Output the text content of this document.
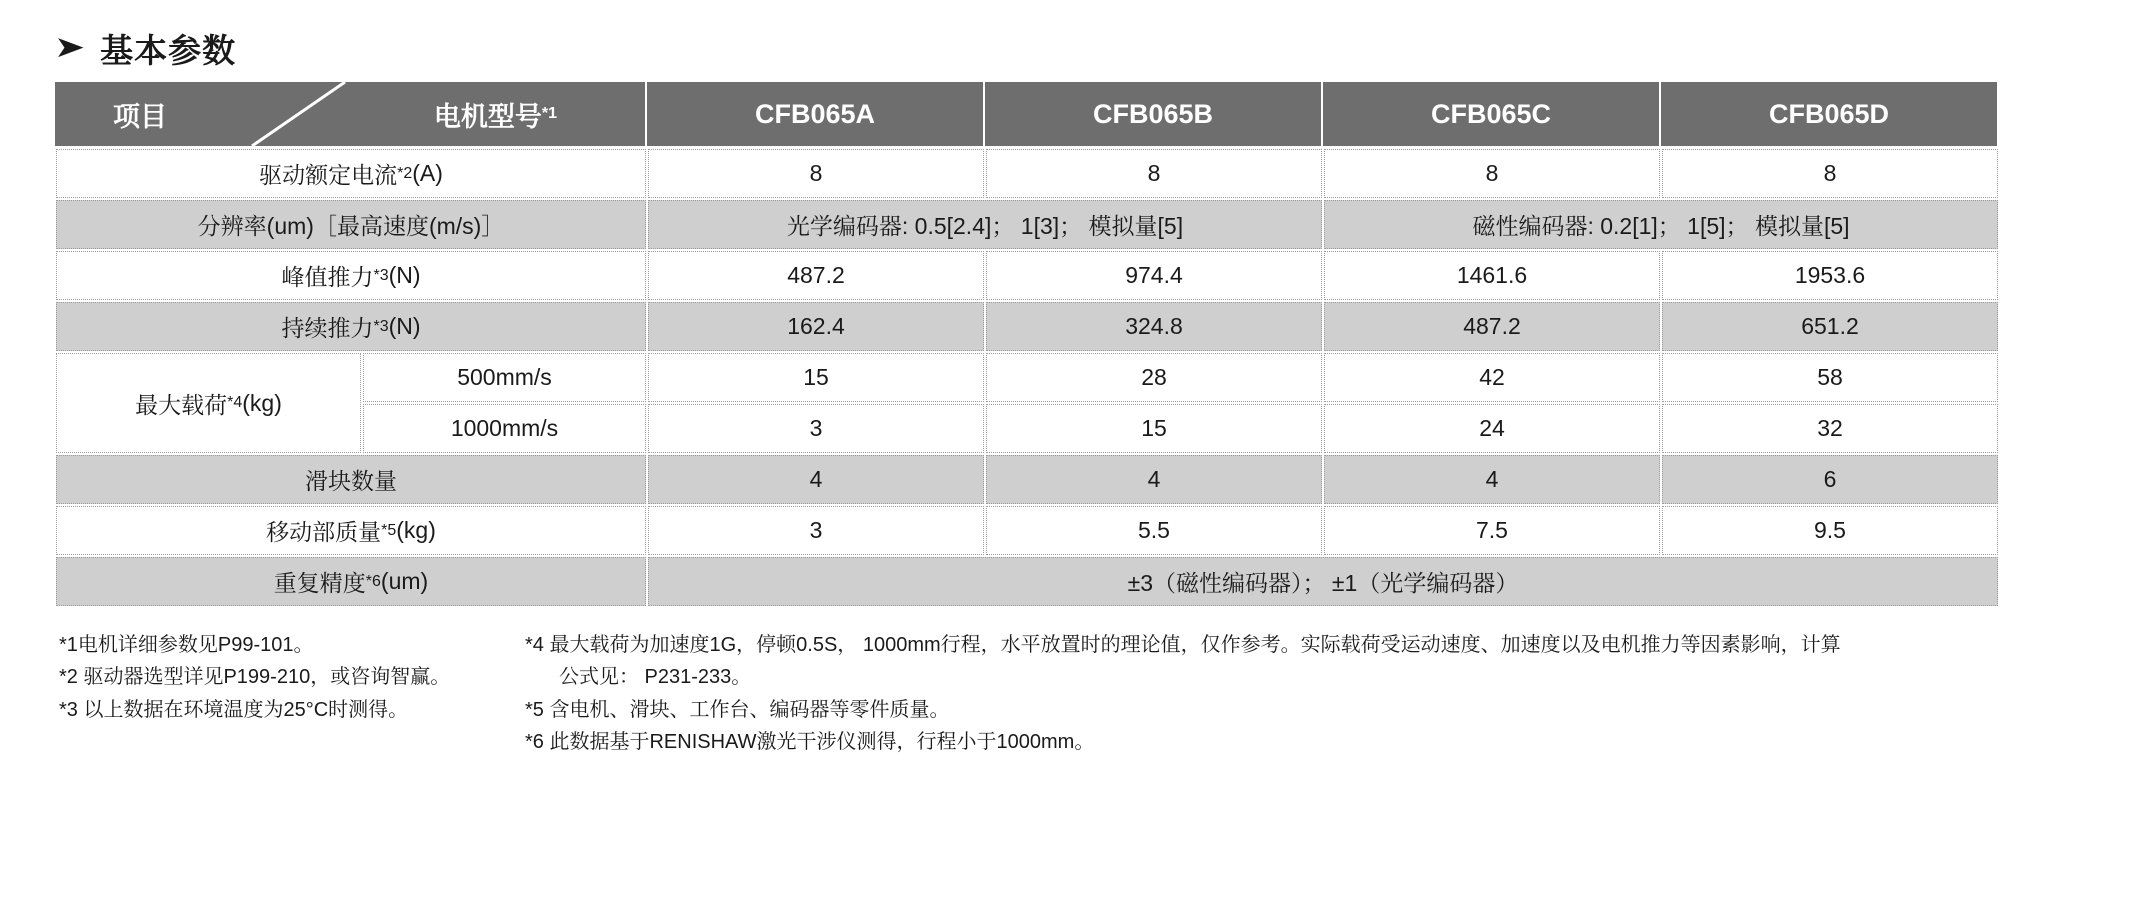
➤ 基本参数
项目	电机型号 *1	CFB065A	CFB065B	CFB065C	CFB065D
驱动额定电流 *2 (A)	8	8	8	8
分辨率(um)［最高速度(m/s)］	光学编码器: 0.5[2.4]； 1[3]； 模拟量[5]	磁性编码器: 0.2[1]； 1[5]； 模拟量[5]
峰值推力 *3 (N)	487.2	974.4	1461.6	1953.6
持续推力 *3 (N)	162.4	324.8	487.2	651.2
最大载荷 *4 (kg)
500mm/s	15	28	42	58
1000mm/s	3	15	24	32
滑块数量	4	4	4	6
移动部质量 *5 (kg)	3	5.5	7.5	9.5
重复精度 *6 (um)	±3（磁性编码器）； ±1（光学编码器）
*1电机详细参数见P99-101。
*2 驱动器选型详见P199-210，或咨询智赢。
*3 以上数据在环境温度为25°C时测得。
*4 最大载荷为加速度1G，停顿0.5S， 1000mm行程，水平放置时的理论值，仅作参考。实际载荷受运动速度、加速度以及电机推力等因素影响，计算
公式见： P231-233。
*5 含电机、滑块、工作台、编码器等零件质量。
*6 此数据基于RENISHAW激光干涉仪测得，行程小于1000mm。
